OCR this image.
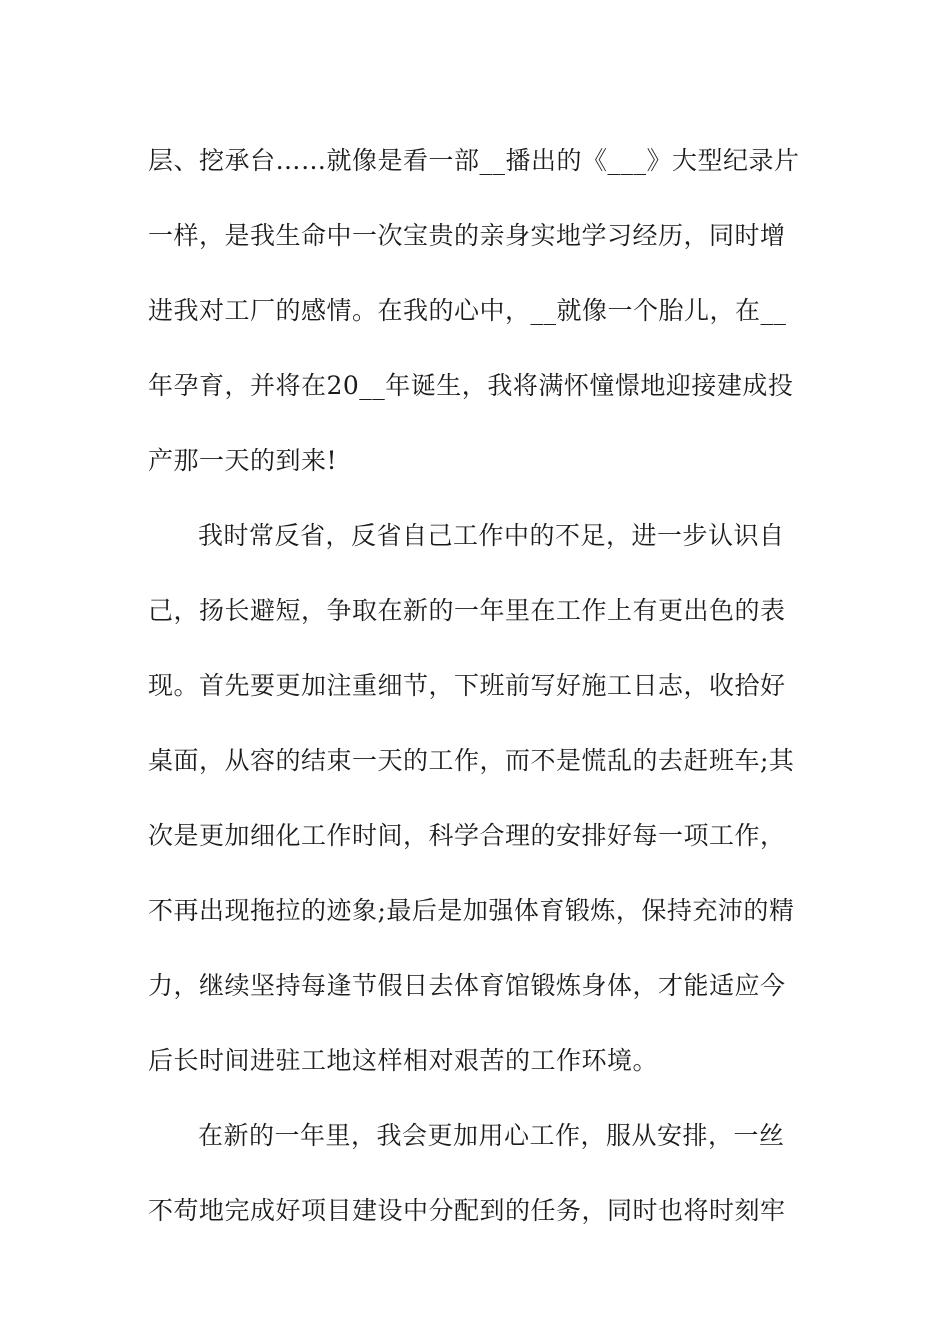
层、挖承台……就像是看一部__播出的《___》大型纪录片
一样，是我生命中一次宝贵的亲身实地学习经历，同时增
进我对工厂的感情。在我的心中，__就像一个胎儿，在__
年孕育，并将在20__年诞生，我将满怀憧憬地迎接建成投
产那一天的到来!
我时常反省，反省自己工作中的不足，进一步认识自
己，扬长避短，争取在新的一年里在工作上有更出色的表
现。首先要更加注重细节，下班前写好施工日志，收拾好
桌面，从容的结束一天的工作，而不是慌乱的去赶班车;其
次是更加细化工作时间，科学合理的安排好每一项工作，
不再出现拖拉的迹象;最后是加强体育锻炼，保持充沛的精
力，继续坚持每逢节假日去体育馆锻炼身体，才能适应今
后长时间进驻工地这样相对艰苦的工作环境。
在新的一年里，我会更加用心工作，服从安排，一丝
不苟地完成好项目建设中分配到的任务，同时也将时刻牢
